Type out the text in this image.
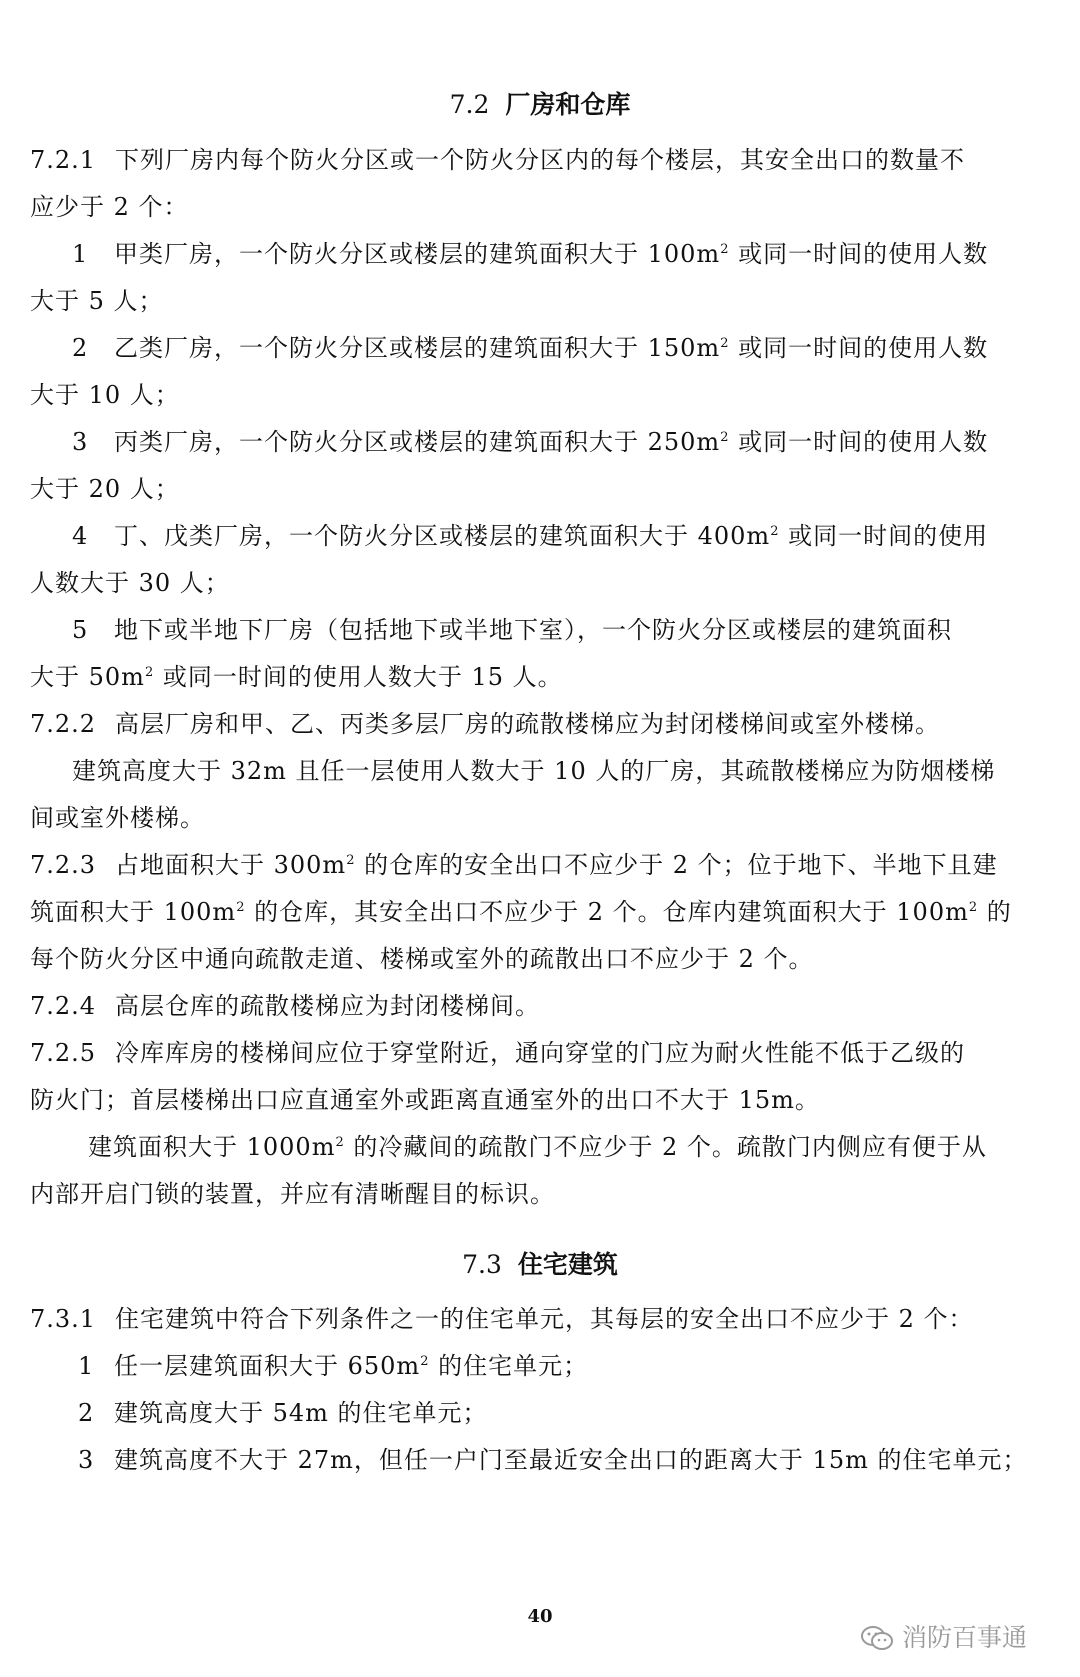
7.2 厂房和仓库
7.2.1 下列厂房内每个防火分区或一个防火分区内的每个楼层，其安全出口的数量不
应少于 2 个：
1 甲类厂房，一个防火分区或楼层的建筑面积大于 $100m^2$ 或同一时间的使用人数
大于 5 人；
2 乙类厂房，一个防火分区或楼层的建筑面积大于 $150m^2$ 或同一时间的使用人数
大于 10 人；
3 丙类厂房，一个防火分区或楼层的建筑面积大于 $250m^2$ 或同一时间的使用人数
大于 20 人；
4 丁、戊类厂房，一个防火分区或楼层的建筑面积大于 $400m^2$ 或同一时间的使用
人数大于 30 人；
5 地下或半地下厂房（包括地下或半地下室），一个防火分区或楼层的建筑面积
大于 $50m^2$ 或同一时间的使用人数大于 15 人。
7.2.2 高层厂房和甲、乙、丙类多层厂房的疏散楼梯应为封闭楼梯间或室外楼梯。
建筑高度大于 32m 且任一层使用人数大于 10 人的厂房，其疏散楼梯应为防烟楼梯
间或室外楼梯。
7.2.3 占地面积大于 $300m^2$ 的仓库的安全出口不应少于 2 个；位于地下、半地下且建
筑面积大于 $100m^2$ 的仓库，其安全出口不应少于 2 个。仓库内建筑面积大于 $100m^2$ 的
每个防火分区中通向疏散走道、楼梯或室外的疏散出口不应少于 2 个。
7.2.4 高层仓库的疏散楼梯应为封闭楼梯间。
7.2.5 冷库库房的楼梯间应位于穿堂附近，通向穿堂的门应为耐火性能不低于乙级的
防火门；首层楼梯出口应直通室外或距离直通室外的出口不大于 15m。
建筑面积大于 $1000m^2$ 的冷藏间的疏散门不应少于 2 个。疏散门内侧应有便于从
内部开启门锁的装置，并应有清晰醒目的标识。
7.3 住宅建筑
7.3.1 住宅建筑中符合下列条件之一的住宅单元，其每层的安全出口不应少于 2 个：
1 任一层建筑面积大于 $650m^2$ 的住宅单元；
2 建筑高度大于 54m 的住宅单元；
3 建筑高度不大于 27m，但任一户门至最近安全出口的距离大于 15m 的住宅单元；
40
消防百事通
